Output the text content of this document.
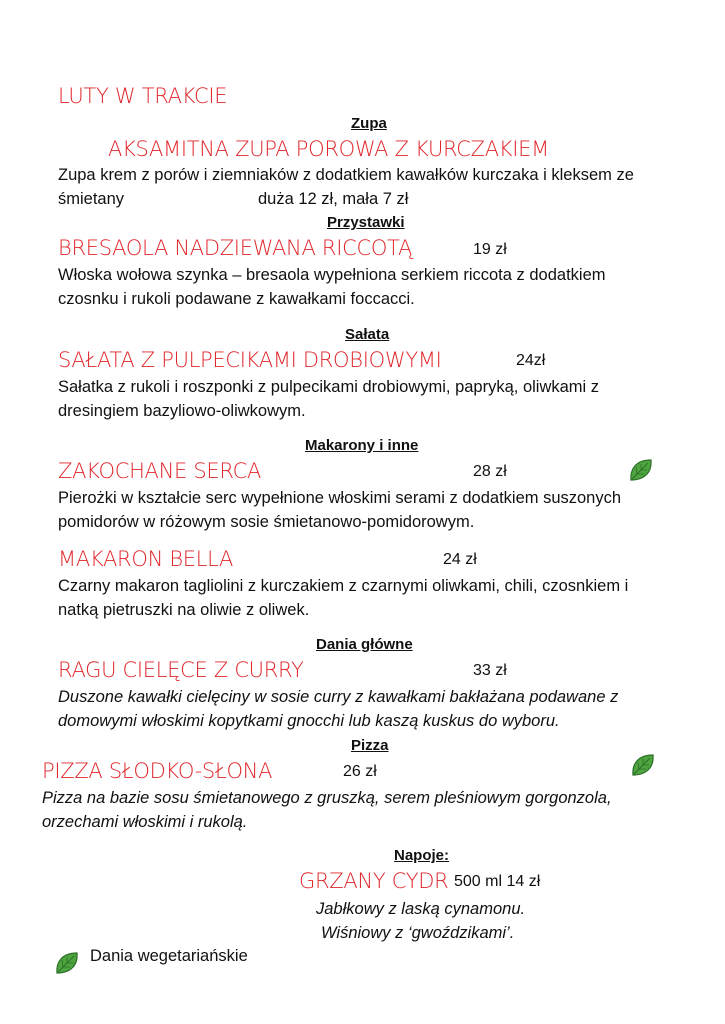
LUTY W TRAKCIE
Zupa
AKSAMITNA ZUPA POROWA Z KURCZAKIEM
Zupa krem z porów i ziemniaków z dodatkiem kawałków kurczaka i kleksem ze
śmietany	duża 12 zł, mała 7 zł
Przystawki
BRESAOLA NADZIEWANA RICCOTĄ	19 zł
Włoska wołowa szynka – bresaola wypełniona serkiem riccota z dodatkiem
czosnku i rukoli podawane z kawałkami foccacci.
Sałata
SAŁATA Z PULPECIKAMI DROBIOWYMI	24zł
Sałatka z rukoli i roszponki z pulpecikami drobiowymi, papryką, oliwkami z
dresingiem bazyliowo-oliwkowym.
Makarony i inne
ZAKOCHANE SERCA	28 zł
Pierożki w kształcie serc wypełnione włoskimi serami z dodatkiem suszonych
pomidorów w różowym sosie śmietanowo-pomidorowym.
MAKARON BELLA	24 zł
Czarny makaron tagliolini z kurczakiem z czarnymi oliwkami, chili, czosnkiem i
natką pietruszki na oliwie z oliwek.
Dania główne
RAGU CIELĘCE Z CURRY	33 zł
Duszone kawałki cielęciny w sosie curry z kawałkami bakłażana podawane z
domowymi włoskimi kopytkami gnocchi lub kaszą kuskus do wyboru.
Pizza
PIZZA SŁODKO-SŁONA	26 zł
Pizza na bazie sosu śmietanowego z gruszką, serem pleśniowym gorgonzola,
orzechami włoskimi i rukolą.
Napoje:
GRZANY CYDR 500 ml 14 zł
Jabłkowy z laską cynamonu.
Wiśniowy z ‘gwoździkami’.
Dania wegetariańskie
